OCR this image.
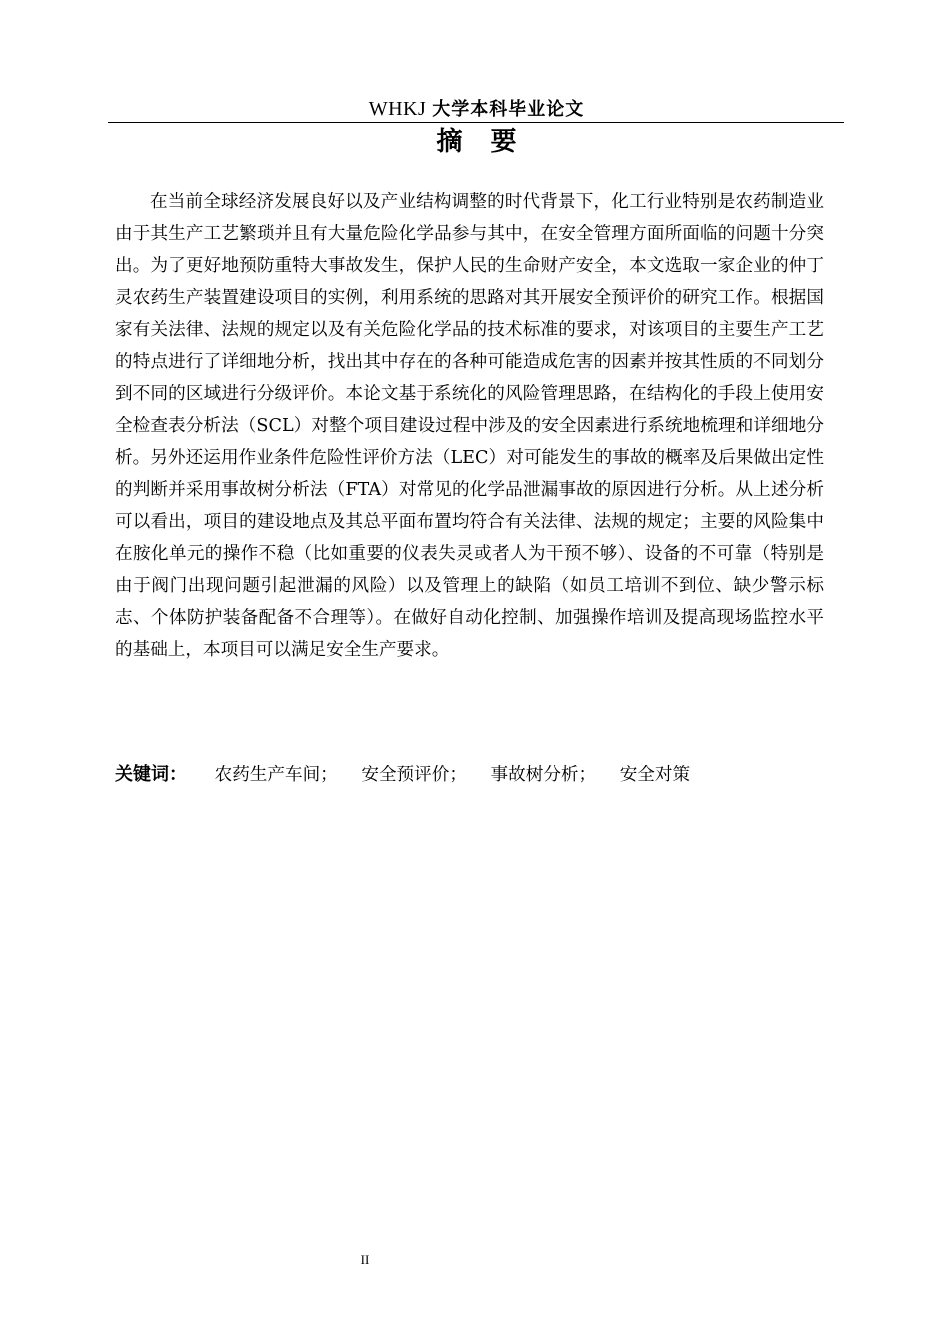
WHKJ 大学本科毕业论文
摘要

在当前全球经济发展良好以及产业结构调整的时代背景下，化工行业特别是农药制造业由于其生产工艺繁琐并且有大量危险化学品参与其中，在安全管理方面所面临的问题十分突出。为了更好地预防重特大事故发生，保护人民的生命财产安全，本文选取一家企业的仲丁灵农药生产装置建设项目的实例，利用系统的思路对其开展安全预评价的研究工作。根据国家有关法律、法规的规定以及有关危险化学品的技术标准的要求，对该项目的主要生产工艺的特点进行了详细地分析，找出其中存在的各种可能造成危害的因素并按其性质的不同划分到不同的区域进行分级评价。本论文基于系统化的风险管理思路，在结构化的手段上使用安全检查表分析法（SCL）对整个项目建设过程中涉及的安全因素进行系统地梳理和详细地分析。另外还运用作业条件危险性评价方法（LEC）对可能发生的事故的概率及后果做出定性的判断并采用事故树分析法（FTA）对常见的化学品泄漏事故的原因进行分析。从上述分析可以看出，项目的建设地点及其总平面布置均符合有关法律、法规的规定；主要的风险集中在胺化单元的操作不稳（比如重要的仪表失灵或者人为干预不够）、设备的不可靠（特别是由于阀门出现问题引起泄漏的风险）以及管理上的缺陷（如员工培训不到位、缺少警示标志、个体防护装备配备不合理等）。在做好自动化控制、加强操作培训及提高现场监控水平的基础上，本项目可以满足安全生产要求。

关键词： 农药生产车间； 安全预评价； 事故树分析； 安全对策
II
